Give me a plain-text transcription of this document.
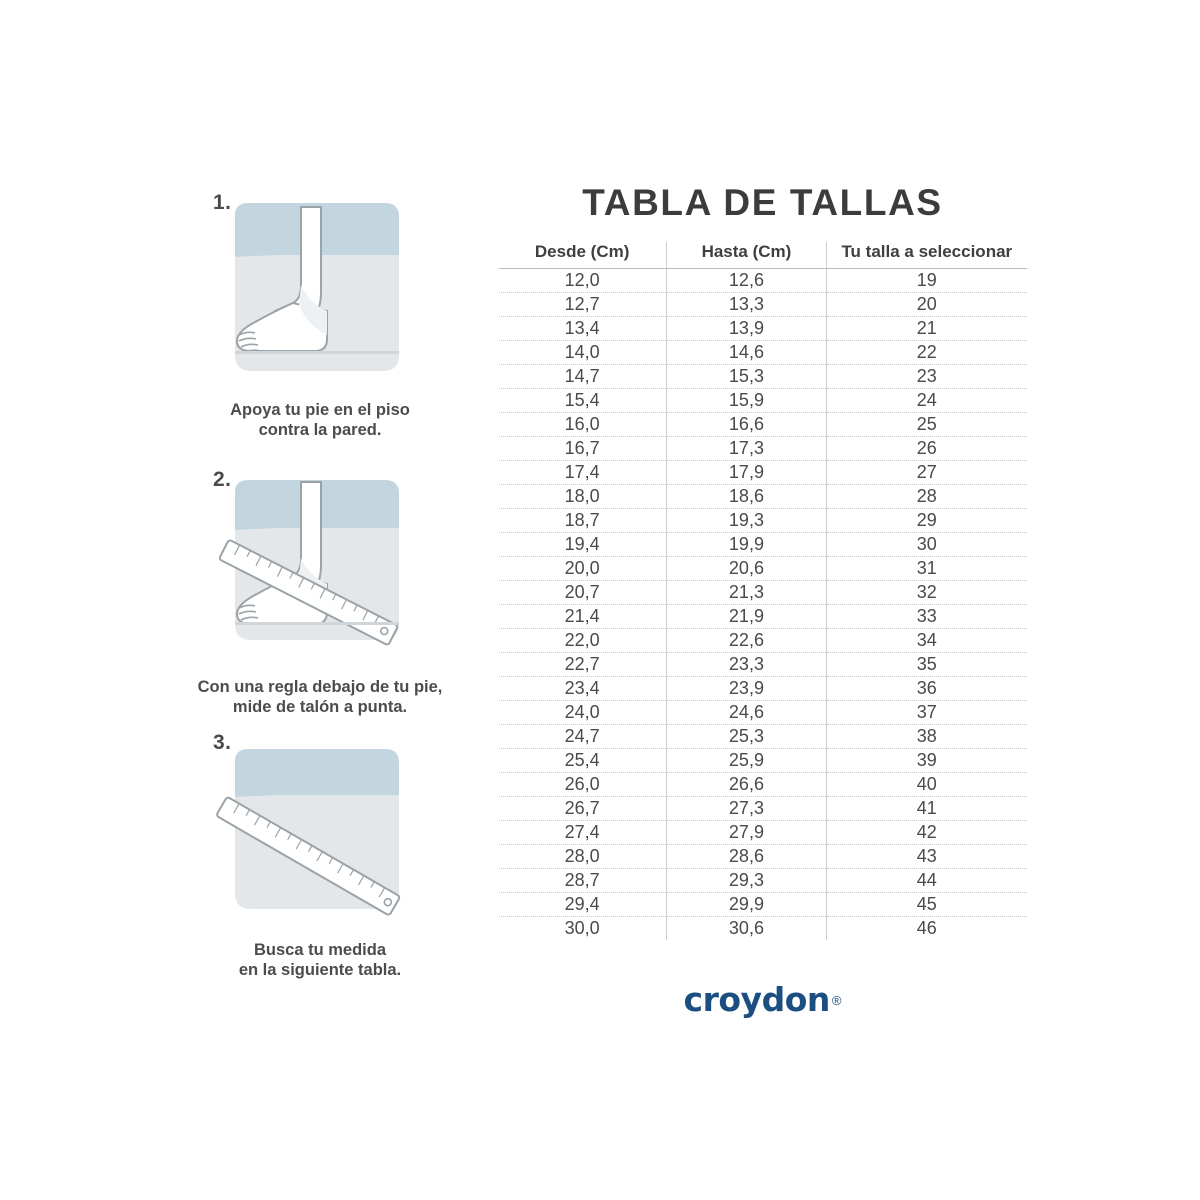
1.
Apoya tu pie en el piso
contra la pared.
2.
Con una regla debajo de tu pie,
mide de talón a punta.
3.
Busca tu medida
en la siguiente tabla.
TABLA DE TALLAS
Desde (Cm)	Hasta (Cm)	Tu talla a seleccionar
12,0	12,6	19
12,7	13,3	20
13,4	13,9	21
14,0	14,6	22
14,7	15,3	23
15,4	15,9	24
16,0	16,6	25
16,7	17,3	26
17,4	17,9	27
18,0	18,6	28
18,7	19,3	29
19,4	19,9	30
20,0	20,6	31
20,7	21,3	32
21,4	21,9	33
22,0	22,6	34
22,7	23,3	35
23,4	23,9	36
24,0	24,6	37
24,7	25,3	38
25,4	25,9	39
26,0	26,6	40
26,7	27,3	41
27,4	27,9	42
28,0	28,6	43
28,7	29,3	44
29,4	29,9	45
30,0	30,6	46
croydon ®
